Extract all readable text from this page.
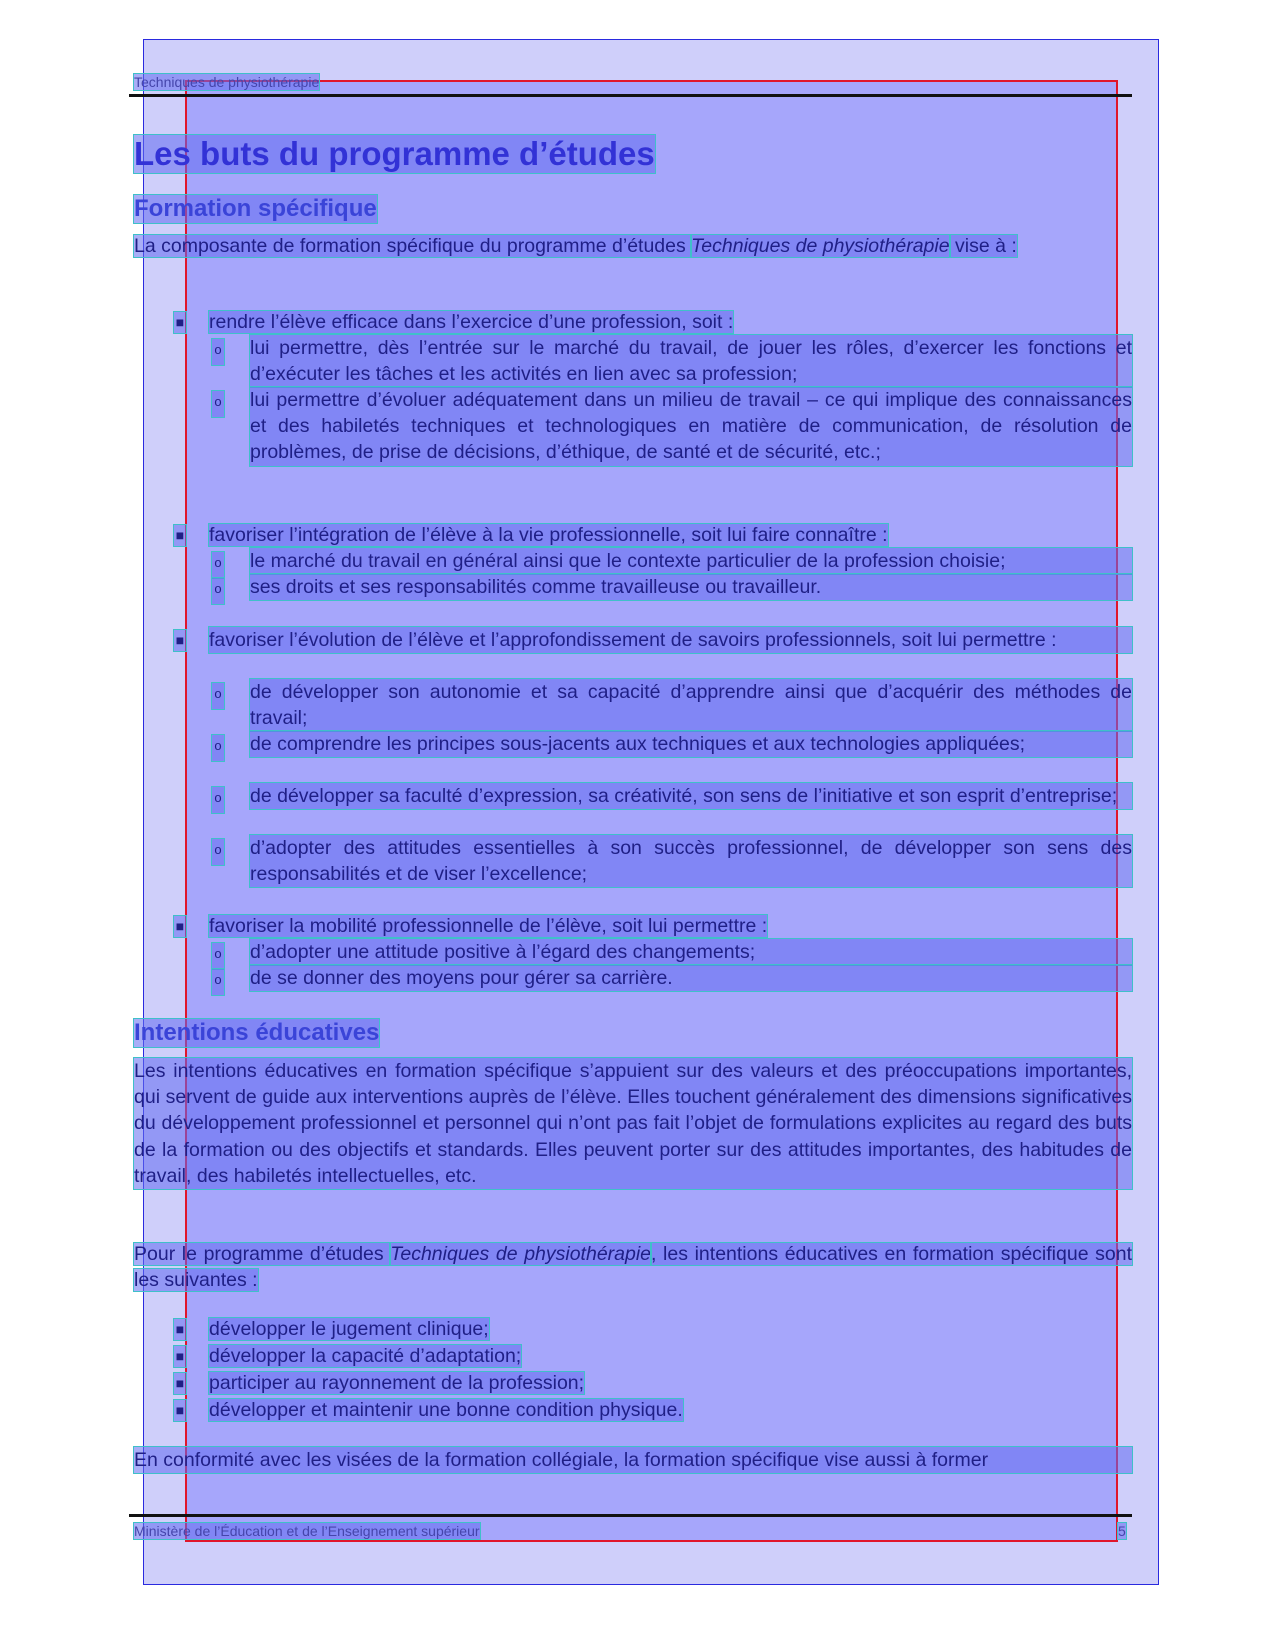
Techniques de physiothérapie
Les buts du programme d’études
Formation spécifique

La composante de formation spécifique du programme d’études Techniques de physiothérapie vise à :

■ rendre l’élève efficace dans l’exercice d’une profession, soit :
o lui permettre, dès l’entrée sur le marché du travail, de jouer les rôles, d’exercer les fonctions et d’exécuter les tâches et les activités en lien avec sa profession;
o lui permettre d’évoluer adéquatement dans un milieu de travail – ce qui implique des connaissances et des habiletés techniques et technologiques en matière de communication, de résolution de problèmes, de prise de décisions, d’éthique, de santé et de sécurité, etc.;
■ favoriser l’intégration de l’élève à la vie professionnelle, soit lui faire connaître :
o le marché du travail en général ainsi que le contexte particulier de la profession choisie;
o ses droits et ses responsabilités comme travailleuse ou travailleur.
■ favoriser l’évolution de l’élève et l’approfondissement de savoirs professionnels, soit lui permettre :
o de développer son autonomie et sa capacité d’apprendre ainsi que d’acquérir des méthodes de travail;
o de comprendre les principes sous-jacents aux techniques et aux technologies appliquées;
o de développer sa faculté d’expression, sa créativité, son sens de l’initiative et son esprit d’entreprise;
o d’adopter des attitudes essentielles à son succès professionnel, de développer son sens des responsabilités et de viser l’excellence;
■ favoriser la mobilité professionnelle de l’élève, soit lui permettre :
o d’adopter une attitude positive à l’égard des changements;
o de se donner des moyens pour gérer sa carrière.
Intentions éducatives

Les intentions éducatives en formation spécifique s’appuient sur des valeurs et des préoccupations importantes, qui servent de guide aux interventions auprès de l’élève. Elles touchent généralement des dimensions significatives du développement professionnel et personnel qui n’ont pas fait l’objet de formulations explicites au regard des buts de la formation ou des objectifs et standards. Elles peuvent porter sur des attitudes importantes, des habitudes de travail, des habiletés intellectuelles, etc.

Pour le programme d’études Techniques de physiothérapie, les intentions éducatives en formation spécifique sont les suivantes :

■ développer le jugement clinique;
■ développer la capacité d’adaptation;
■ participer au rayonnement de la profession;
■ développer et maintenir une bonne condition physique.

En conformité avec les visées de la formation collégiale, la formation spécifique vise aussi à former

Ministère de l’Éducation et de l’Enseignement supérieur	5
